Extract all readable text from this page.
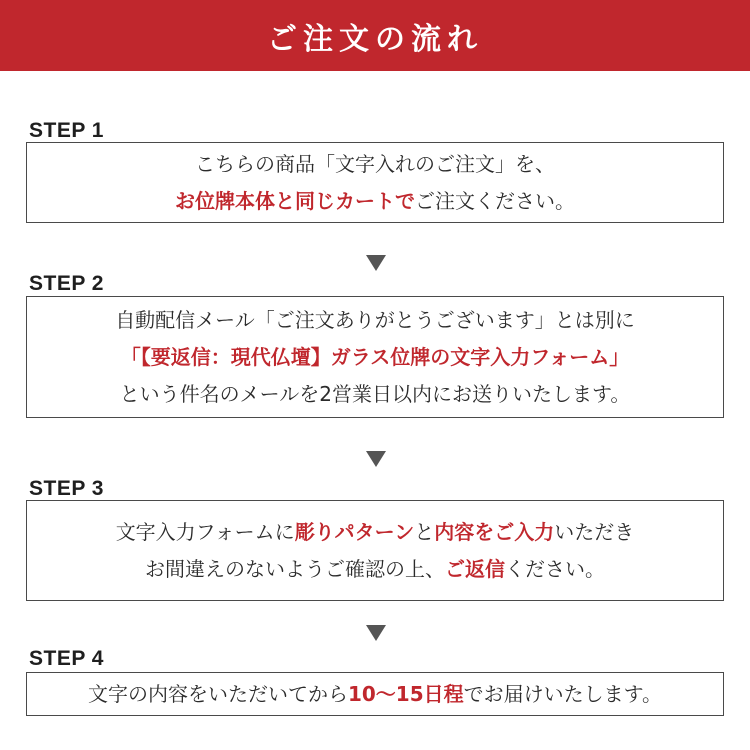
ご注文の流れ
STEP 1
こちらの商品「文字入れのご注文」を、
お位牌本体と同じカートでご注文ください。
STEP 2
自動配信メール「ご注文ありがとうございます」とは別に
「【要返信：現代仏壇】ガラス位牌の文字入力フォーム」
という件名のメールを2営業日以内にお送りいたします。
STEP 3
文字入力フォームに彫りパターンと内容をご入力いただき
お間違えのないようご確認の上、ご返信ください。
STEP 4
文字の内容をいただいてから10〜15日程でお届けいたします。
